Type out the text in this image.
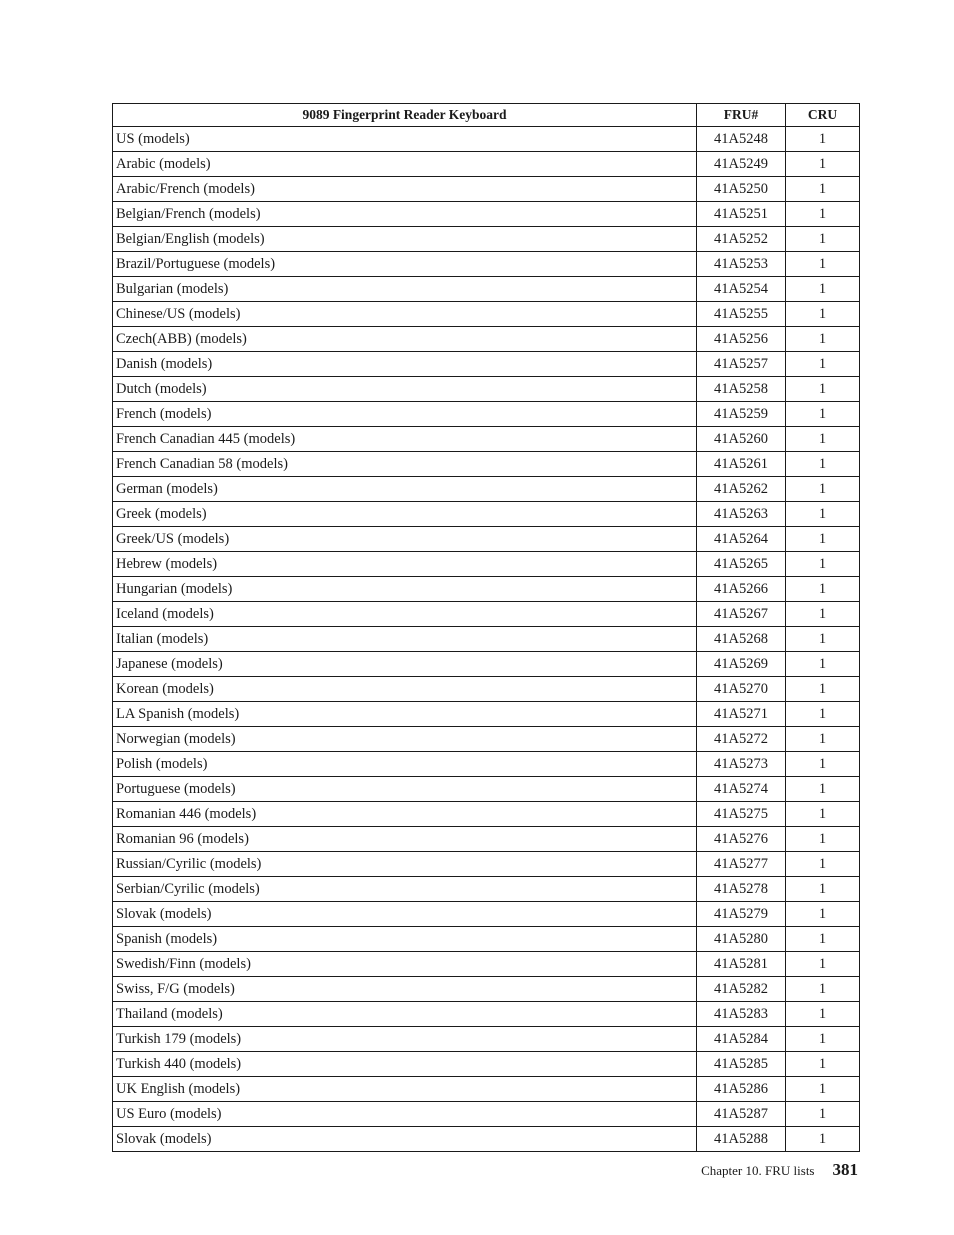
9089 Fingerprint Reader Keyboard	FRU#	CRU
US (models)	41A5248	1
Arabic (models)	41A5249	1
Arabic/French (models)	41A5250	1
Belgian/French (models)	41A5251	1
Belgian/English (models)	41A5252	1
Brazil/Portuguese (models)	41A5253	1
Bulgarian (models)	41A5254	1
Chinese/US (models)	41A5255	1
Czech(ABB) (models)	41A5256	1
Danish (models)	41A5257	1
Dutch (models)	41A5258	1
French (models)	41A5259	1
French Canadian 445 (models)	41A5260	1
French Canadian 58 (models)	41A5261	1
German (models)	41A5262	1
Greek (models)	41A5263	1
Greek/US (models)	41A5264	1
Hebrew (models)	41A5265	1
Hungarian (models)	41A5266	1
Iceland (models)	41A5267	1
Italian (models)	41A5268	1
Japanese (models)	41A5269	1
Korean (models)	41A5270	1
LA Spanish (models)	41A5271	1
Norwegian (models)	41A5272	1
Polish (models)	41A5273	1
Portuguese (models)	41A5274	1
Romanian 446 (models)	41A5275	1
Romanian 96 (models)	41A5276	1
Russian/Cyrilic (models)	41A5277	1
Serbian/Cyrilic (models)	41A5278	1
Slovak (models)	41A5279	1
Spanish (models)	41A5280	1
Swedish/Finn (models)	41A5281	1
Swiss, F/G (models)	41A5282	1
Thailand (models)	41A5283	1
Turkish 179 (models)	41A5284	1
Turkish 440 (models)	41A5285	1
UK English (models)	41A5286	1
US Euro (models)	41A5287	1
Slovak (models)	41A5288	1
Chapter 10. FRU lists 381
